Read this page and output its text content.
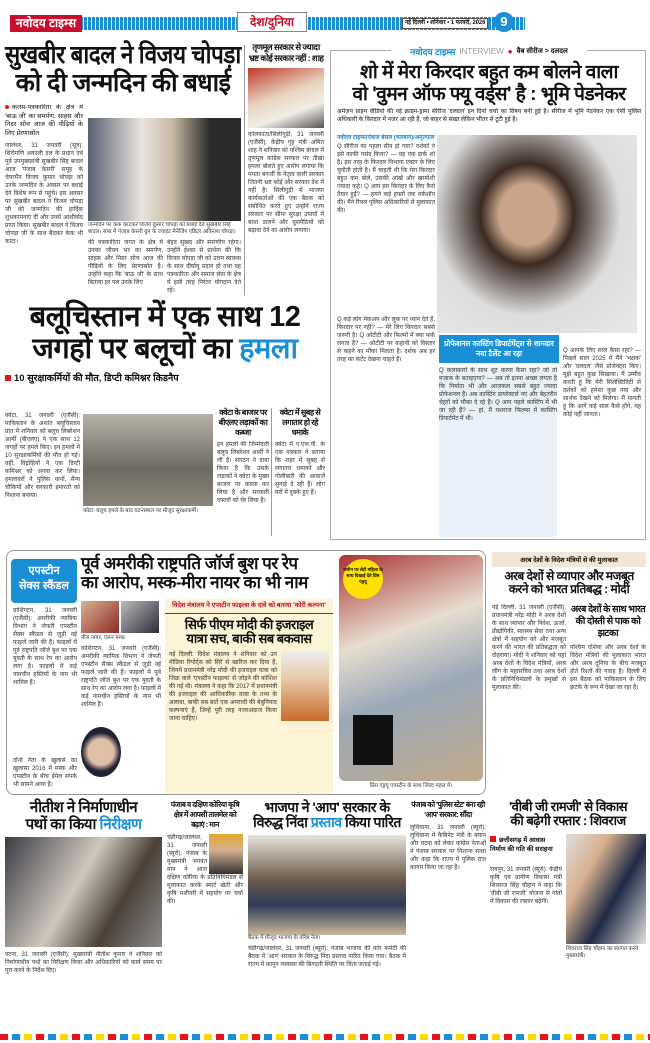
नवोदय टाइम्स	देश/दुनिया	नई दिल्ली • शनिवार • 1 फरवरी, 2026	9
सुखबीर बादल ने विजय चोपड़ा
को दी जन्मदिन की बधाई
कलम-पत्रकारिता के क्षेत्र में 'बाऊ जी' का समर्पण, साहस और निडर सोच आज की पीढ़ियों के लिए प्रेरणास्रोत
जालंधर, 31 जनवरी (सूत्र): शिरोमणि अकाली दल के प्रधान एवं पूर्व उपमुख्यमंत्री सुखबीर सिंह बादल आज 'पंजाब केसरी' समूह के चेयरमैन विजय कुमार चोपड़ा को उनके जन्मदिन के अवसर पर बधाई देने विशेष रूप से पहुंचे। इस अवसर पर सुखबीर बादल ने विजय चोपड़ा जी को जन्मदिन की हार्दिक शुभकामनाएं दीं और उनसे आशीर्वाद प्राप्त किया। सुखबीर बादल ने विजय चोपड़ा जी के साथ बैठकर केक भी काटा।
जन्मदिन पर केक काटकर विजय कुमार चोपड़ा को बधाई देते सुखबीर सिंह बादल। साथ में पंजाब केसरी ग्रुप के ज्वाइंट मैनेजिंग एडिटर अविनाश चोपड़ा।
की पत्रकारिता जगत के क्षेत्र में उनका जीवन भर का समर्पण, साहस और निडर सोच आज की पीढ़ियों के लिए प्रेरणास्रोत है। उन्होंने कहा कि 'बाऊ जी' के साथ बिताया हर पल उनके लिए
बेहद सुखद और स्मरणीय रहेगा। उन्होंने ईश्वर से प्रार्थना की कि विजय चोपड़ा जी को उत्तम स्वास्थ्य के साथ दीर्घायु प्रदान हो तथा वह पत्रकारिता और समाज सेवा के क्षेत्र में इसी तरह निरंतर योगदान देते रहें।
तृणमूल सरकार से ज्यादा भ्रष्ट कोई सरकार नहीं : शाह
कोलकाता/सिलीगुड़ी, 31 जनवरी (एजैंसी): केंद्रीय गृह मंत्री अमित शाह ने शनिवार को पश्चिम बंगाल में तृणमूल कांग्रेस सरकार पर तीखा हमला बोलते हुए आरोप लगाया कि ममता बनर्जी के नेतृत्व वाली सरकार जितनी भ्रष्ट कोई और सरकार देश में नहीं है। सिलीगुड़ी में भाजपा कार्यकर्ताओं की एक बैठक को संबोधित करते हुए उन्होंने राज्य सरकार पर सीमा सुरक्षा उपायों में बाधा डालने और घुसपैठियों को बढ़ावा देने का आरोप लगाया।
नवोदय टाइम्स INTERVIEW ● वैब सीरीज > दलदल
शो में मेरा किरदार बहुत कम बोलने वाला
वो 'वुमन ऑफ फ्यू वर्ड्स' है : भूमि पेडनेकर
अमेज़न प्राइम वीडियो की नई क्राइम-ड्रामा सीरीज 'दलदल' इन दिनों चर्चा का विषय बनी हुई है। सीरीज में भूमि पेडनेकर एक ऐसी पुलिस अधिकारी के किरदार में नजर आ रही हैं, जो बाहर से सख्त लेकिन भीतर से टूटी हुई है।
नवोदय टाइम्स/पंकज बंसल (चारबाग)/अमृतपाल
Q सीरीज का पहला सीन हो गया? दर्शकों ने इसे काफी पसंद किया? — यह एक डार्क शो है। इस तरह के किरदार निभाना एक्टर के लिए चुनौती होती है। मैं चाहती थी कि मेरा किरदार बहुत कम बोले, उसकी आंखें और खामोशी ज्यादा कहे। Q आप इस किरदार के लिए कैसे तैयार हुईं? — हमने कई हफ्तों तक वर्कशॉप की। मैंने रियल पुलिस अधिकारियों से मुलाकात की।
Q कई लोग मेकअप और लुक पर ध्यान देते हैं, किरदार पर नहीं? — मेरे लिए किरदार सबसे जरूरी है। Q ओटीटी और फिल्मों में क्या फर्क लगता है? — ओटीटी पर कहानी को विस्तार से कहने का मौका मिलता है। दर्शक अब हर तरह का कंटेंट देखना चाहते हैं।
प्रोफेशनल कास्टिंग डिपार्टमेंट्स से शानदार नया टैलेंट आ रहा
Q कलाकारों के साथ शूट करना कैसा रहा? जो तो मजाक के बताइएगा? — अब तो इतना अच्छा लगता है कि निर्माता भी और आजकल सबसे बहुत ज्यादा प्रोफेशनल हैं। अब कास्टिंग डायरेक्टर्स नए और बेहतरीन चेहरों को मौका दे रहे हैं। Q आप पहले कास्टिंग में भी जा रही हैं? — हां, मैं यशराज फिल्म्स में कास्टिंग डिपार्टमेंट में थी।
Q आपके लिए साल कैसा रहा? — पिछले साल 2025 में मैंने 'भक्षक' और 'दलदल' जैसे प्रोजेक्ट्स किए। मुझे बहुत कुछ सिखाया। मैं उम्मीद करती हूं कि मेरी सिलेक्टिविटी से दर्शकों को हमेशा कुछ नया और सार्थक देखने को मिलेगा। मैं मानती हूं कि आगे कई साल कैसे होंगे, यह कोई नहीं जानता।
बलूचिस्तान में एक साथ 12
जगहों पर बलूचों का हमला
10 सुरक्षाकर्मियों की मौत, डिप्टी कमिश्नर किडनैप
क्वेटा, 31 जनवरी (एजैंसी): पाकिस्तान के अशांत बलूचिस्तान प्रांत में शनिवार को बलूच लिबरेशन आर्मी (बीएलए) ने एक साथ 12 जगहों पर हमले किए। इन हमलों में 10 सुरक्षाकर्मियों की मौत हो गई। वहीं, विद्रोहियों ने एक डिप्टी कमिश्नर को अगवा कर लिया। हमलावरों ने पुलिस थानों, सैन्य चौकियों और सरकारी इमारतों को निशाना बनाया।
क्वेटा: बलूच हमले के बाद घटनास्थल पर मौजूद सुरक्षाकर्मी।
क्वेटा के बाजार पर बीएलए लड़ाकों का कब्जा
इन हमलों की जिम्मेदारी बलूच लिबरेशन आर्मी ने ली है। संगठन ने दावा किया है कि उसके लड़ाकों ने क्वेटा के मुख्य बाजार पर कब्जा कर लिया है और सरकारी दफ्तरों को घेर लिया है।
क्वेटा में सुबह से लगातार हो रहे धमाके
क्वेटा में ए.एफ.पी. के एक पत्रकार ने बताया कि शहर में सुबह से लगातार धमाकों और गोलीबारी की आवाजें सुनाई दे रही हैं। लोग घरों में दुबके हुए हैं।
एपस्टीन
सेक्स स्कैंडल
पूर्व अमरीकी राष्ट्रपति जॉर्ज बुश पर रेप
का आरोप, मस्क-मीरा नायर का भी नाम
वाशिंगटन, 31 जनवरी (एजैंसी): अमरीकी न्यायिक विभाग ने जेफरी एपस्टीन सैक्स स्कैंडल से जुड़ी नई फाइलें जारी की हैं। फाइलों में पूर्व राष्ट्रपति जॉर्ज बुश पर एक युवती के साथ रेप का आरोप लगा है। फाइलों में कई नामचीन हस्तियों के नाम भी शामिल हैं।
दोनों नेता के खुलासे का खुलासा 2016 में मस्क और एपस्टीन के बीच ईमेल संपर्क भी सामने आया है।
मीरा नायर, एलन मस्क
वाशिंगटन, 31 जनवरी (एजैंसी): अमरीकी न्यायिक विभाग ने जेफरी एपस्टीन सैक्स स्कैंडल से जुड़ी नई फाइलें जारी की हैं। फाइलों में पूर्व राष्ट्रपति जॉर्ज बुश पर एक युवती के साथ रेप का आरोप लगा है। फाइलों में कई नामचीन हस्तियों के नाम भी शामिल हैं।
विदेश मंत्रालय ने एपस्टीन फाइल्स के दावे को बताया 'कोरी कल्पना'
सिर्फ पीएम मोदी की इजराइल
यात्रा सच, बाकी सब बकवास
नई दिल्ली: विदेश मंत्रालय ने शनिवार को उन मीडिया रिपोर्ट्स को सिरे से खारिज कर दिया है, जिनमें प्रधानमंत्री नरेंद्र मोदी की इजराइल यात्रा को जिक्र वाले 'एपस्टीन फाइल्स' से जोड़ने की कोशिश की गई थी। मंत्रालय ने कहा कि 2017 में प्रधानमंत्री की इजराइल की आधिकारिक यात्रा के तथ्य के अलावा, बाकी सब बातें एक अपराधी की बेबुनियाद कल्पनाएं हैं, जिन्हें पूरी तरह नजरअंदाज किया जाना चाहिए।
जमीन पर लेटी महिला के साथ दिखाई देते प्रिंस एंड्रयू
प्रिंस एंड्रयू एपस्टीन के साथ जिल्द महल में।
अरब देशों के विदेश मंत्रियों से की मुलाकात
अरब देशों से व्यापार और मजबूत
करने को भारत प्रतिबद्ध : मोदी
नई दिल्ली, 31 जनवरी (एजैंसी): प्रधानमंत्री नरेंद्र मोदी ने अरब देशों के साथ व्यापार और निवेश, ऊर्जा, प्रौद्योगिकी, स्वास्थ्य सेवा तथा अन्य क्षेत्रों में सहयोग को और मजबूत करने की भारत की प्रतिबद्धता को दोहराया। मोदी ने शनिवार को यहां अरब देशों के विदेश मंत्रियों, अरब लीग के महासचिव तथा अरब देशों के प्रतिनिधिमंडलों के प्रमुखों से मुलाकात की।
अरब देशों के साथ भारत की दोस्ती से पाक को झटका
पश्चिम एशिया और अरब देशों के विदेश मंत्रियों की मुलाकात भारत और अरब दुनिया के बीच मजबूत होते रिश्तों की गवाह है। दिल्ली में इस बैठक को पाकिस्तान के लिए झटके के रूप में देखा जा रहा है।
नीतीश ने निर्माणाधीन
पथों का किया निरीक्षण
पटना, 31 जनवरी (एजैंसी): मुख्यमंत्री नीतीश कुमार ने शनिवार को निर्माणाधीन पथों का निरीक्षण किया और अधिकारियों को कार्य समय पर पूरा करने के निर्देश दिए।
पंजाब व दक्षिण कोरिया कृषि क्षेत्र में आपसी तालमेल को बढ़ाएं : मान
चंडीगढ़/जालंधर, 31 जनवरी (ब्यूरो): पंजाब के मुख्यमंत्री भगवंत मान ने आज दक्षिण कोरिया के प्रतिनिधिमंडल से मुलाकात करके स्मार्ट खेती और कृषि मशीनरी में सहयोग पर चर्चा की।
भाजपा ने 'आप' सरकार के
विरुद्ध निंदा प्रस्ताव किया पारित
बैठक में मौजूद भाजपा के वरिष्ठ नेता।
चंडीगढ़/जालंधर, 31 जनवरी (ब्यूरो): पंजाब भाजपा की कोर कमेटी की बैठक में 'आप' सरकार के विरुद्ध निंदा प्रस्ताव पारित किया गया। बैठक में राज्य में कानून व्यवस्था की बिगड़ती स्थिति पर चिंता जताई गई।
पंजाब को 'पुलिस स्टेट' बना रही 'आप' सरकार: सौंदा
लुधियाना, 31 जनवरी (ब्यूरो): लुधियाना में कैबिनेट मंत्री के बयान और घटना को लेकर कांग्रेस नेताओं ने पंजाब सरकार पर निशाना साधा और कहा कि राज्य में पुलिस राज कायम किया जा रहा है।
'वीबी जी रामजी' से विकास
की बढ़ेगी रफ्तार : शिवराज
छत्तीसगढ़ में आवास निर्माण की गति की सराहना
रायपुर, 31 जनवरी (ब्यूरो): केंद्रीय कृषि एवं ग्रामीण विकास मंत्री शिवराज सिंह चौहान ने कहा कि 'वीबी जी रामजी' योजना से गांवों में विकास की रफ्तार बढ़ेगी।
शिवराज सिंह चौहान का स्वागत करते मुख्यमंत्री।
